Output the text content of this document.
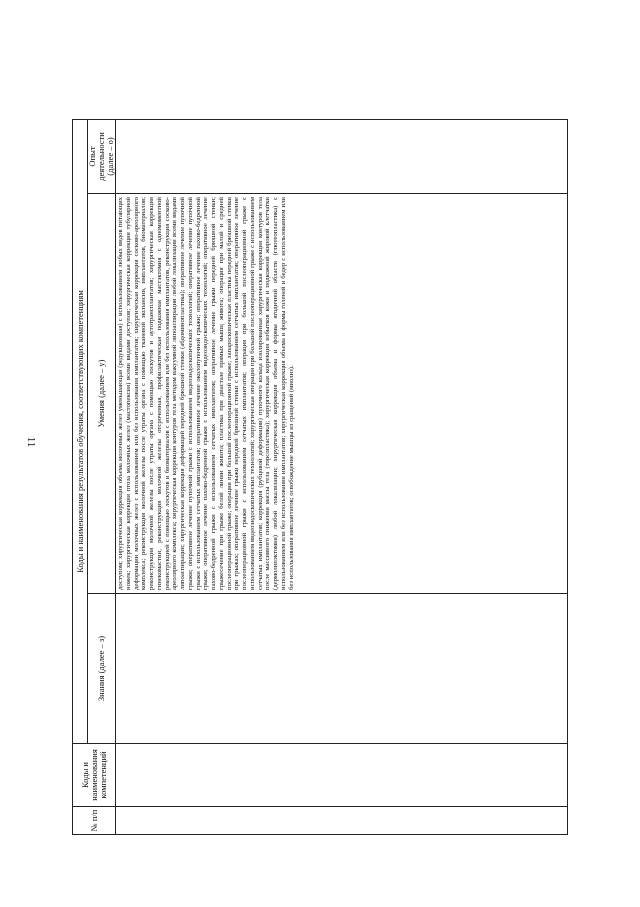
11
№ п/п	Коды и наименования компетенций	Коды и наименования результатов обучения, соответствующих компетенциям		
		Знания (далее – з)	Умения (далее – у)	Опыт деятельности (далее – о)
			доступом; хирургическая коррекция объема молочных желез уменьшающая (редукционная) с использованием любых видов питающих ножек; хирургическая коррекция птоза молочных желез (мастопексия) всеми видами доступов; хирургическая коррекция тубулярной деформации молочных желез с использованием или без использования имплантатов; хирургическая коррекция сосково-ареолярного комплекса; реконструкция молочной железы после утраты органа с помощью тканевой экспансии, имплантатов, биоматериалов; реконструкция молочной железы после утраты органа с помощью лоскутов и аутотрансплантатов; хирургическая коррекция гинекомастии, реконструкция молочной железы отсроченная, профилактическая подкожная мастэктомия с одномоментной реконструкцией с помощью лоскутов и биоматериалов с использованием или без использования имплантатов, реконструкция сосково-ареолярного комплекса; хирургическая коррекция контуров тела методом вакуумной липоаспирации любой локализации всеми видами липоаспирации; хирургическая коррекция деформаций передней брюшной стенки (абдоминопластика); оперативное лечение пупочной грыжи; оперативное лечение пупочной грыжи с использованием видеоэндоскопических технологий; оперативное лечение пупочной грыжи с использованием сетчатых имплантатов; оперативное лечение околопупочной грыжи; оперативное лечение пахово-бедренной грыжи; оперативное лечение пахово-бедренной грыжи с использованием видеоэндоскопических технологий; оперативное лечение пахово-бедренной грыжи с использованием сетчатых имплантатов; оперативное лечение грыжи передней брюшной стенки; грыжесечение при грыже белой линии живота; пластика при диастазе прямых мышц живота; операция при малой и средней послеоперационной грыже; операция при большой послеоперационной грыже; лапароскопическая пластика передней брюшной стенки при грыжах; оперативное лечение грыжи передней брюшной стенки с использованием сетчатых имплантатов; оперативное лечение послеоперационной грыжи с использованием сетчатых имплантатов; операция при большой послеоперационной грыже с использованием видеоэндоскопических технологий; хирургическая операция при большой послеоперационной грыже с использованием сетчатых имплантатов; коррекция (рубцовой деформации) пупочного кольца изолированная хирургическая коррекция контуров тела после массивного снижения массы тела (торсопластика); хирургическая коррекция избытков кожи и подкожной жировой клетчатки (дермолипэктомия) любой локализации; хирургическая коррекция объема и формы ягодичной области (глютеопластика) с использованием или без использования имплантатов; хирургическая коррекция объема и формы голеней и бедер с использованием или без использования имплантатов; освобождение мышцы из сращений (миолиз).	
